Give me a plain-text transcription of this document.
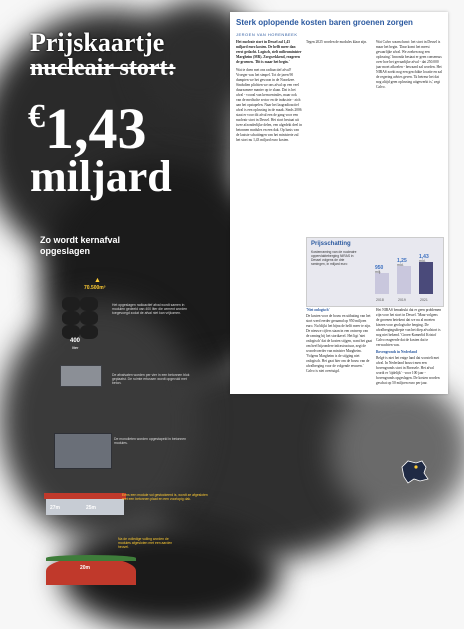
Prijskaartje
nucleair stort:
€1,43
miljard
Sterk oplopende kosten baren groenen zorgen
JEROEN VAN HORENBEEK

Het nucleair stort in Dessel zal 1,43 miljard euro kosten. De helft meer dan eerst gedacht. Logisch, stelt milieuminister Margheim (MR). Zorgwekkend, reageren de groenen. 'Dit is maar het begin.'

Wat te doen met ons radioactief afval? Vroeger was het simpel. Tot de jaren 90 dumpten we het gewoon in de Noordzee. Sindsdien plichten we ons afval op een veel duurzamere manier op te slaan. Dat is het afval - vooral van kerncentrales, maar ook van de medische sector en de industrie - zich aan het opstapelen. Naar het laagradioactief afval is een oplossing in de maak. Sinds 2006 staat er voor dit afval een de gang voor een nucleair stort in Dessel. Het stort bestaat uit twee afzonderlijke delen, een afgedekt deel in betonnen modules en een dak. Op basis van de laatste schattingen van het ministerie zal het stort nu 1,43 miljard euro kosten.

Tegen 2025 worden de modules klaar zijn.

'Niet onlogisch'

De kosten voor de bouw en uitbating van het stort werd eerder geraamd op 950 miljoen euro. Nu blijkt het bijna de helft meer te zijn. De nieuwe cijfers staan in een ontwerp van de raming bij het stortkavel. Het ligt 'niet onlogisch' dat de kosten stijgen, want het gaat om heel bijzondere infrastructuur, zegt de woordvoerder van minister Margheim. 'Volgens Margheim is de stijging niet onlogisch. Het gaat hier om de bouw van de afvalberging voor de volgende eeuwen.' Calvo is niet overtuigd.

Wat Calvo waarschuwt: het stort in Dessel is maar het begin. 'Daar komt het meest gevaarlijke afval. We zoeken nog een oplossing.' Innonda bestaat er geen consensus over hoe het gevaarlijke afval - dat 250.000 jaar moet afkoelen - bewaard zal worden. Het NIRAS zoekt nog een geschikte locatie en zal de regering advies geven. 'Ik betreur het dat nog altijd geen oplossing uitgewerkt is,' zegt Calvo.

Het NIRAS benadrukt dat er geen problemen zijn voor het stort in Dessel. 'Maar volgens de groenen betekent dat we nu al moeten kiezen voor geologische berging. De afvalbergingsdiepte van het diep afvalstort is nog niet bekend.' Groen-Kamerlid Kristof Calvo reageerde dat de kosten dat te verwachten was.

Bovengronds in Nederland

Belgë is niet het enige land dat worstelt met afval. In Nederland bouwt men een bovengronds stort in Borssele. Het afval wordt er 'tijdelijk' - voor 100 jaar - bovengronds opgeslagen. De kosten worden geschat op 50 miljoen euro per jaar.

Prijsschatting
Kostenraming van de nucleaire oppervlakteberging NIRAS in Dessel volgens de drie ramingen, in miljard euro
950
milj.
2018
1,25
mld.
2019
1,43
mld.
2021
Zo wordt kernafval opgeslagen
70.500m³
▲
400
liter
Het opgeslagen radioactief afval wordt samen in modulen gedeeld van 400 liter die cement worden toegevoegd zodat de afval niet kan vrijkomen.
De afvalvaten worden per vier in een betonnen blok geplaatst. De ruimte ertussen wordt opgevuld met beton.
De monolieten worden opgestapeld in betonnen modules.
27m	25m
Eens een module vol gestockeerd is, wordt ze afgesloten met een betonnen plaat en een voorlopig dak.
20m
Na de volledige vulling worden de modules afgesloten met een aarden heuvel.
